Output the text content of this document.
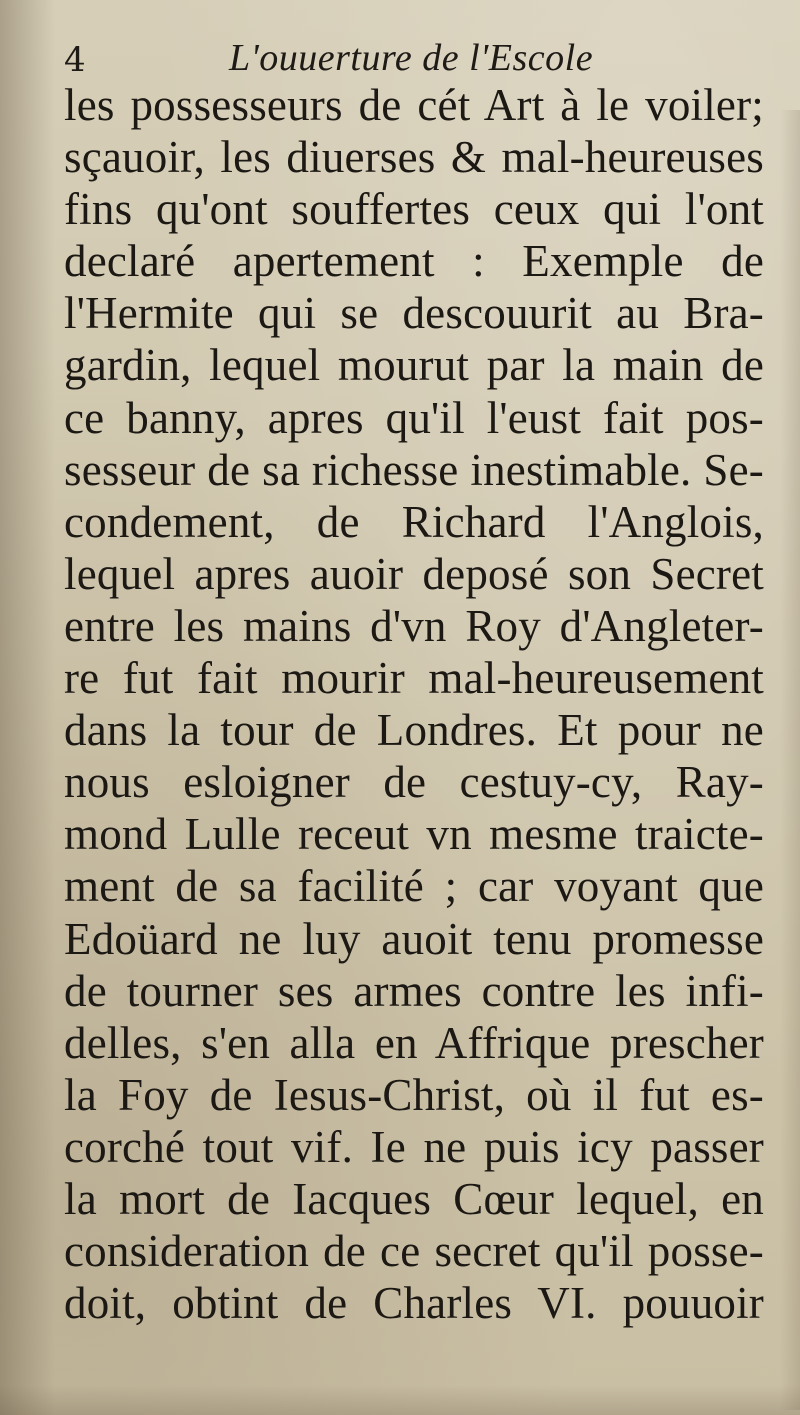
4	L'ouuerture de l'Escole
les possesseurs de cét Art à le voiler;
sçauoir, les diuerses & mal-heureuses
fins qu'ont souffertes ceux qui l'ont
declaré apertement : Exemple de
l'Hermite qui se descouurit au Bra-
gardin, lequel mourut par la main de
ce banny, apres qu'il l'eust fait pos-
sesseur de sa richesse inestimable. Se-
condement, de Richard l'Anglois,
lequel apres auoir deposé son Secret
entre les mains d'vn Roy d'Angleter-
re fut fait mourir mal-heureusement
dans la tour de Londres. Et pour ne
nous esloigner de cestuy-cy, Ray-
mond Lulle receut vn mesme traicte-
ment de sa facilité ; car voyant que
Edoüard ne luy auoit tenu promesse
de tourner ses armes contre les infi-
delles, s'en alla en Affrique prescher
la Foy de Iesus-Christ, où il fut es-
corché tout vif. Ie ne puis icy passer
la mort de Iacques Cœur lequel, en
consideration de ce secret qu'il posse-
doit, obtint de Charles VI. pouuoir
